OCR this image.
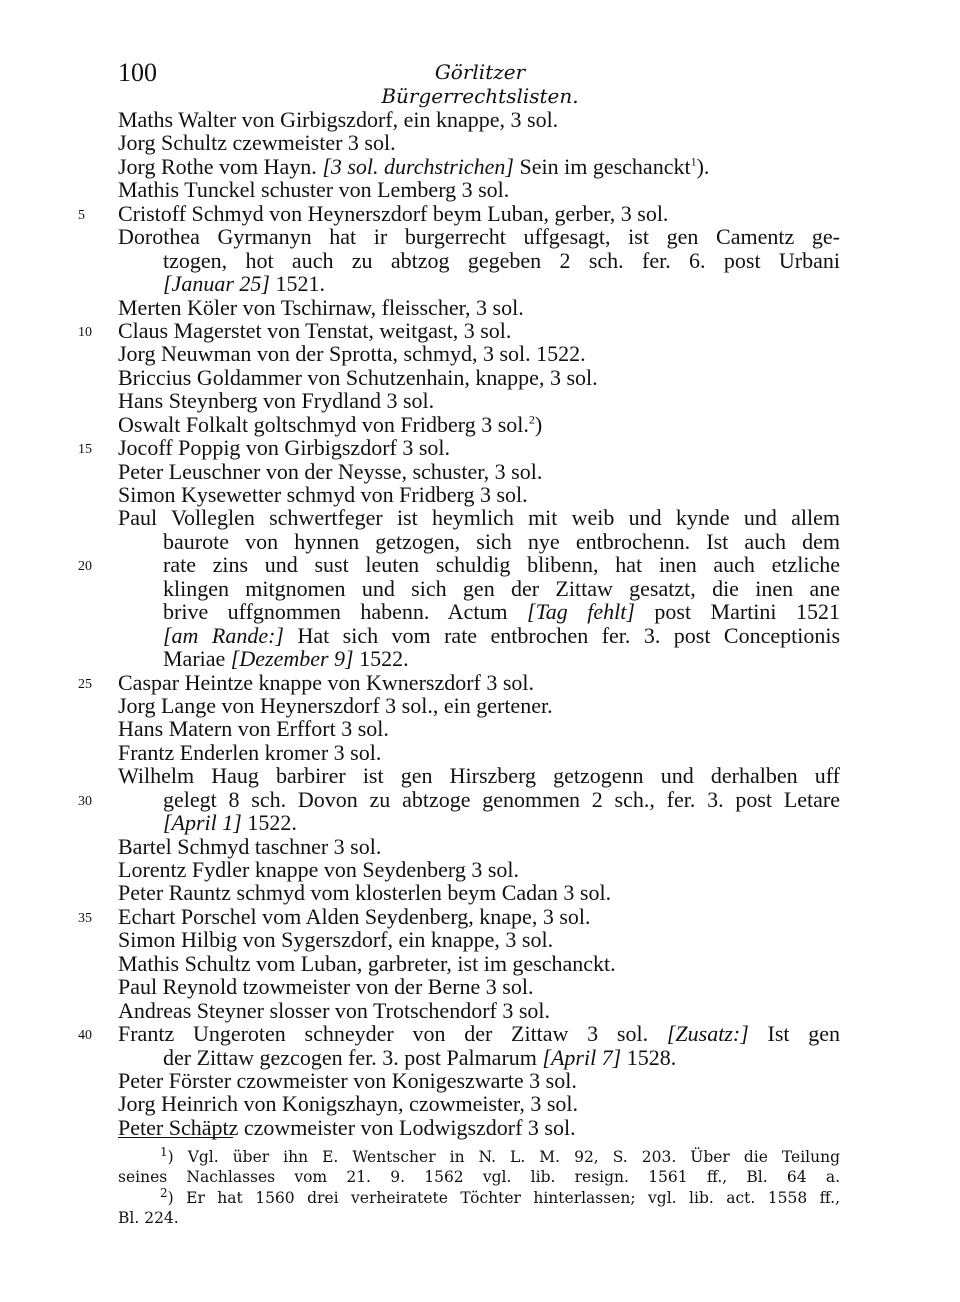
100	Görlitzer Bürgerrechtslisten.
Maths Walter von Girbigszdorf, ein knappe, 3 sol.
Jorg Schultz czewmeister 3 sol.
Jorg Rothe vom Hayn. [3 sol. durchstrichen] Sein im geschanckt$^1$).
Mathis Tunckel schuster von Lemberg 3 sol.
5 Cristoff Schmyd von Heynerszdorf beym Luban, gerber, 3 sol.
Dorothea Gyrmanyn hat ir burgerrecht uffgesagt, ist gen Camentz ge-
tzogen, hot auch zu abtzog gegeben 2 sch. fer. 6. post Urbani
[Januar 25] 1521.
Merten Köler von Tschirnaw, fleisscher, 3 sol.
10 Claus Magerstet von Tenstat, weitgast, 3 sol.
Jorg Neuwman von der Sprotta, schmyd, 3 sol. 1522.
Briccius Goldammer von Schutzenhain, knappe, 3 sol.
Hans Steynberg von Frydland 3 sol.
Oswalt Folkalt goltschmyd von Fridberg 3 sol.$^2$)
15 Jocoff Poppig von Girbigszdorf 3 sol.
Peter Leuschner von der Neysse, schuster, 3 sol.
Simon Kysewetter schmyd von Fridberg 3 sol.
Paul Volleglen schwertfeger ist heymlich mit weib und kynde und allem
baurote von hynnen getzogen, sich nye entbrochenn. Ist auch dem
20	rate zins und sust leuten schuldig blibenn, hat inen auch etzliche
klingen mitgnomen und sich gen der Zittaw gesatzt, die inen ane
brive uffgnommen habenn. Actum [Tag fehlt] post Martini 1521
[am Rande:] Hat sich vom rate entbrochen fer. 3. post Conceptionis
Mariae [Dezember 9] 1522.
25 Caspar Heintze knappe von Kwnerszdorf 3 sol.
Jorg Lange von Heynerszdorf 3 sol., ein gertener.
Hans Matern von Erffort 3 sol.
Frantz Enderlen kromer 3 sol.
Wilhelm Haug barbirer ist gen Hirszberg getzogenn und derhalben uff
30	gelegt 8 sch. Dovon zu abtzoge genommen 2 sch., fer. 3. post Letare
[April 1] 1522.
Bartel Schmyd taschner 3 sol.
Lorentz Fydler knappe von Seydenberg 3 sol.
Peter Rauntz schmyd vom klosterlen beym Cadan 3 sol.
35 Echart Porschel vom Alden Seydenberg, knape, 3 sol.
Simon Hilbig von Sygerszdorf, ein knappe, 3 sol.
Mathis Schultz vom Luban, garbreter, ist im geschanckt.
Paul Reynold tzowmeister von der Berne 3 sol.
Andreas Steyner slosser von Trotschendorf 3 sol.
40 Frantz Ungeroten schneyder von der Zittaw 3 sol. [Zusatz:] Ist gen
der Zittaw gezcogen fer. 3. post Palmarum [April 7] 1528.
Peter Förster czowmeister von Konigeszwarte 3 sol.
Jorg Heinrich von Konigszhayn, czowmeister, 3 sol.
Peter Schäptz czowmeister von Lodwigszdorf 3 sol.
$^1$) Vgl. über ihn E. Wentscher in N. L. M. 92, S. 203. Über die Teilung
seines Nachlasses vom 21. 9. 1562 vgl. lib. resign. 1561 ff., Bl. 64 a.
$^2$) Er hat 1560 drei verheiratete Töchter hinterlassen; vgl. lib. act. 1558 ff.,
Bl. 224.
